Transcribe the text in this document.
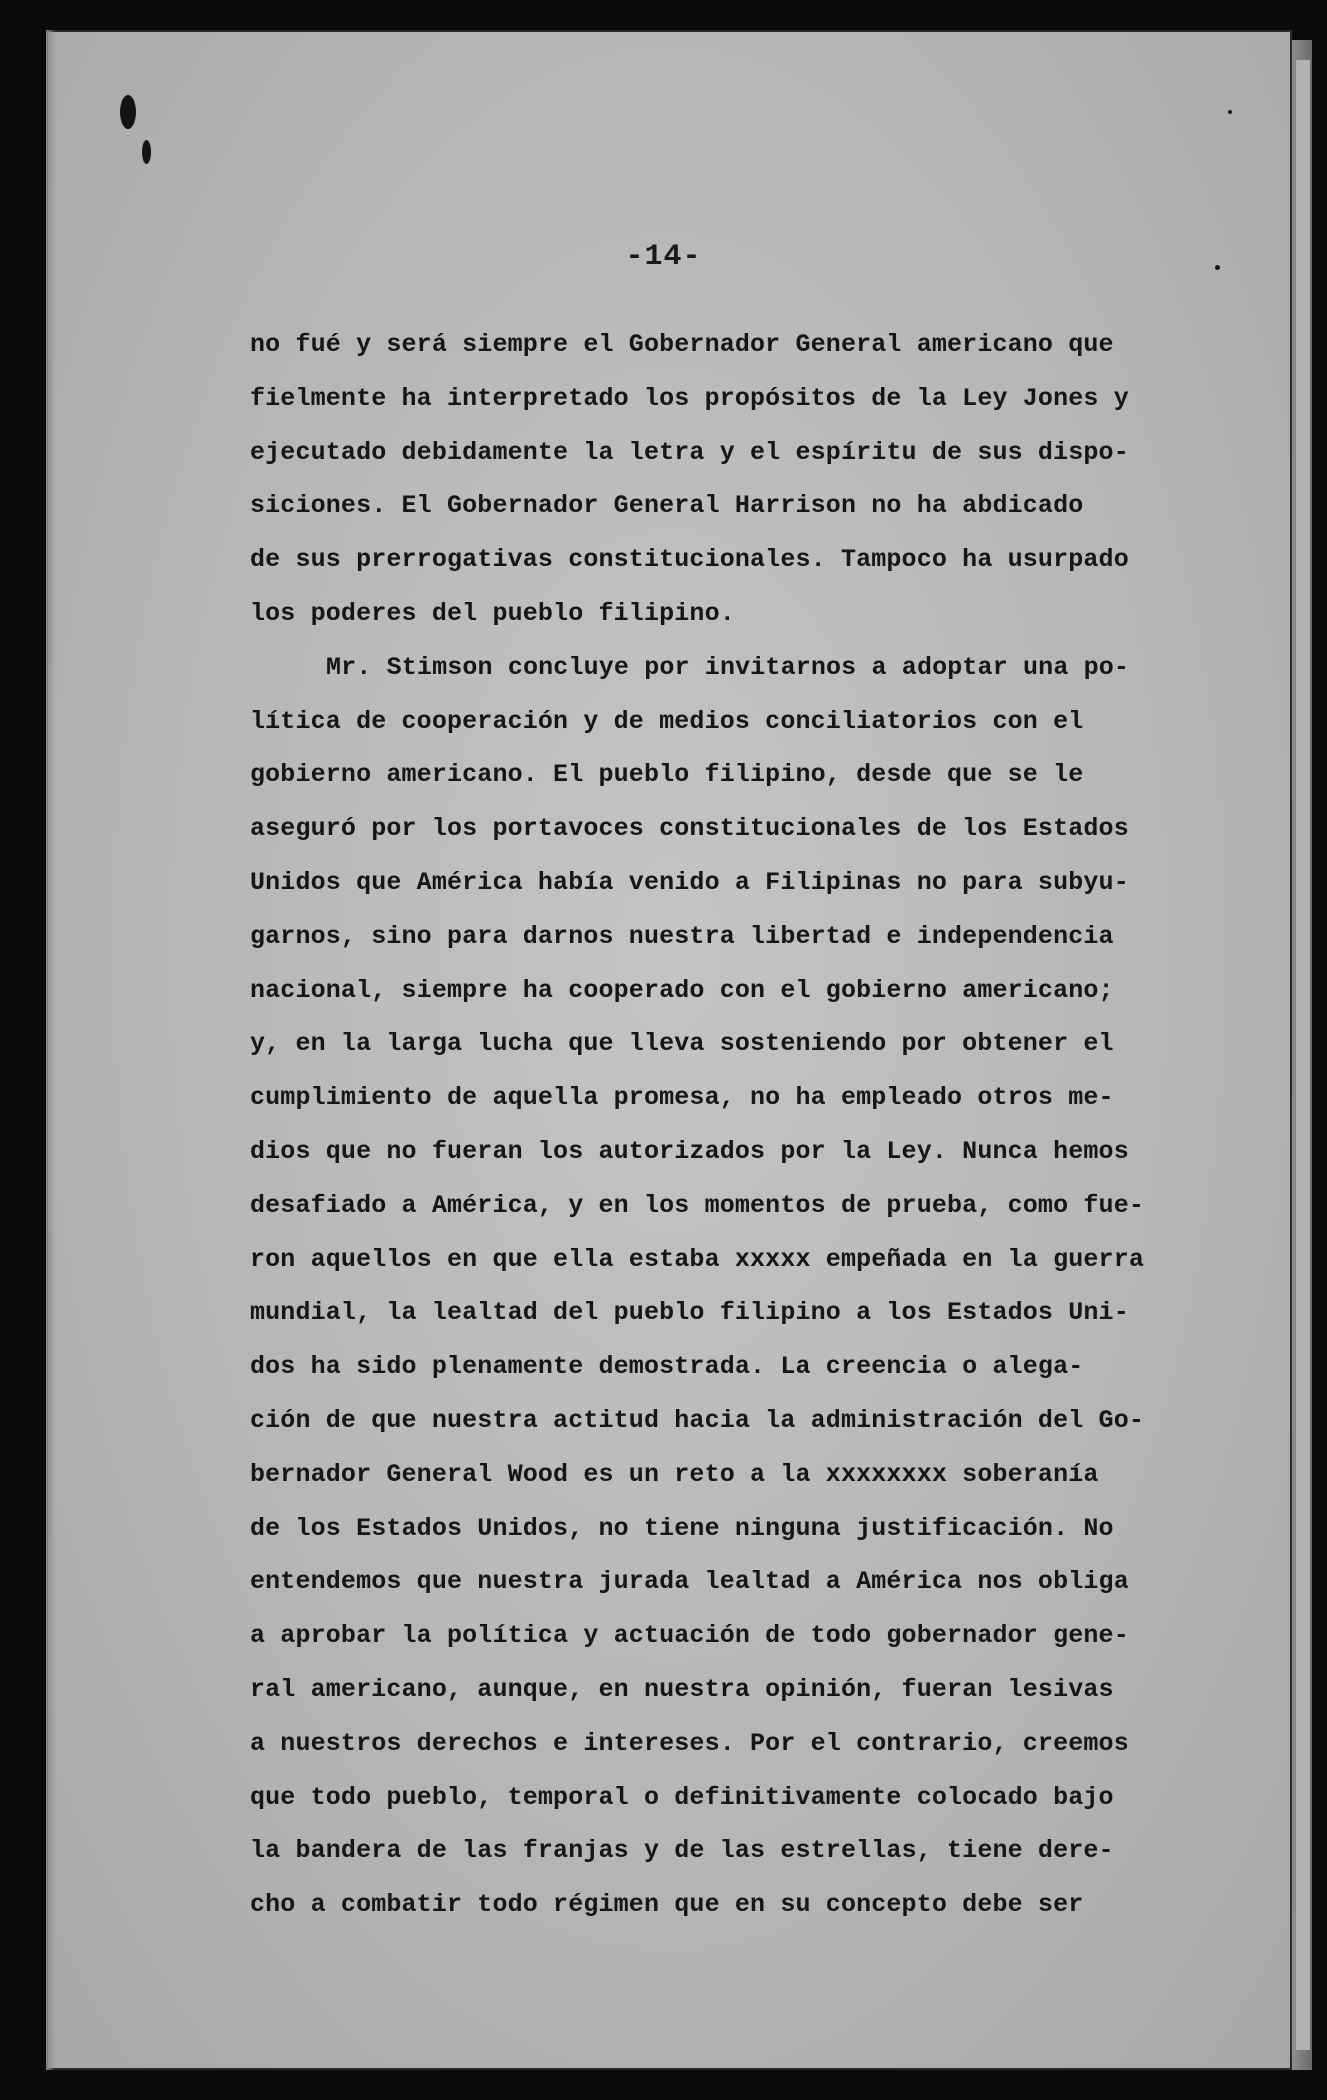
-14-
no fué y será siempre el Gobernador General americano que
fielmente ha interpretado los propósitos de la Ley Jones y
ejecutado debidamente la letra y el espíritu de sus dispo-
siciones. El Gobernador General Harrison no ha abdicado
de sus prerrogativas constitucionales. Tampoco ha usurpado
los poderes del pueblo filipino.
Mr. Stimson concluye por invitarnos a adoptar una po-
lítica de cooperación y de medios conciliatorios con el
gobierno americano. El pueblo filipino, desde que se le
aseguró por los portavoces constitucionales de los Estados
Unidos que América había venido a Filipinas no para subyu-
garnos, sino para darnos nuestra libertad e independencia
nacional, siempre ha cooperado con el gobierno americano;
y, en la larga lucha que lleva sosteniendo por obtener el
cumplimiento de aquella promesa, no ha empleado otros me-
dios que no fueran los autorizados por la Ley. Nunca hemos
desafiado a América, y en los momentos de prueba, como fue-
ron aquellos en que ella estaba xxxxx empeñada en la guerra
mundial, la lealtad del pueblo filipino a los Estados Uni-
dos ha sido plenamente demostrada. La creencia o alega-
ción de que nuestra actitud hacia la administración del Go-
bernador General Wood es un reto a la xxxxxxxx soberanía
de los Estados Unidos, no tiene ninguna justificación. No
entendemos que nuestra jurada lealtad a América nos obliga
a aprobar la política y actuación de todo gobernador gene-
ral americano, aunque, en nuestra opinión, fueran lesivas
a nuestros derechos e intereses. Por el contrario, creemos
que todo pueblo, temporal o definitivamente colocado bajo
la bandera de las franjas y de las estrellas, tiene dere-
cho a combatir todo régimen que en su concepto debe ser
